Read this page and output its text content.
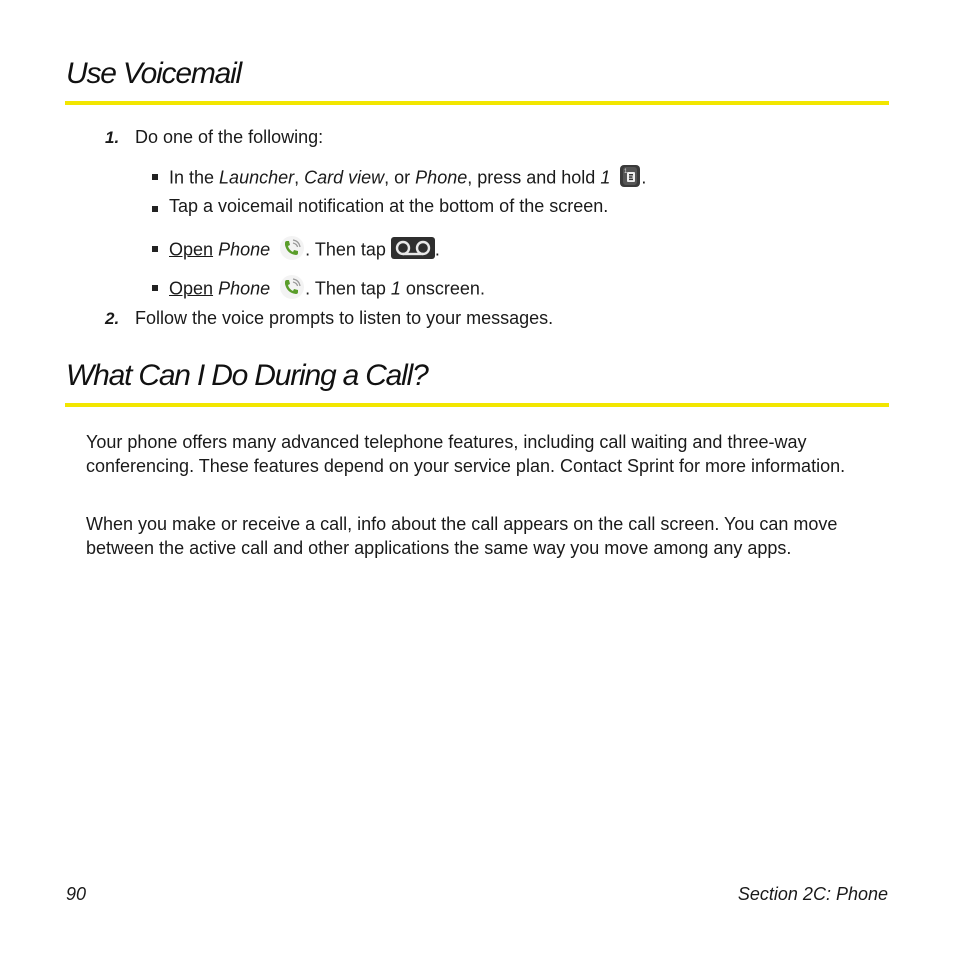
Use Voicemail
1. Do one of the following:
In the Launcher, Card view, or Phone, press and hold 1 1 .
Tap a voicemail notification at the bottom of the screen.
Open Phone . Then tap .
Open Phone . Then tap 1 onscreen.
2. Follow the voice prompts to listen to your messages.
What Can I Do During a Call?

Your phone offers many advanced telephone features, including call waiting and three-way conferencing. These features depend on your service plan. Contact Sprint for more information.

When you make or receive a call, info about the call appears on the call screen. You can move between the active call and other applications the same way you move among any apps.

90	Section 2C: Phone
